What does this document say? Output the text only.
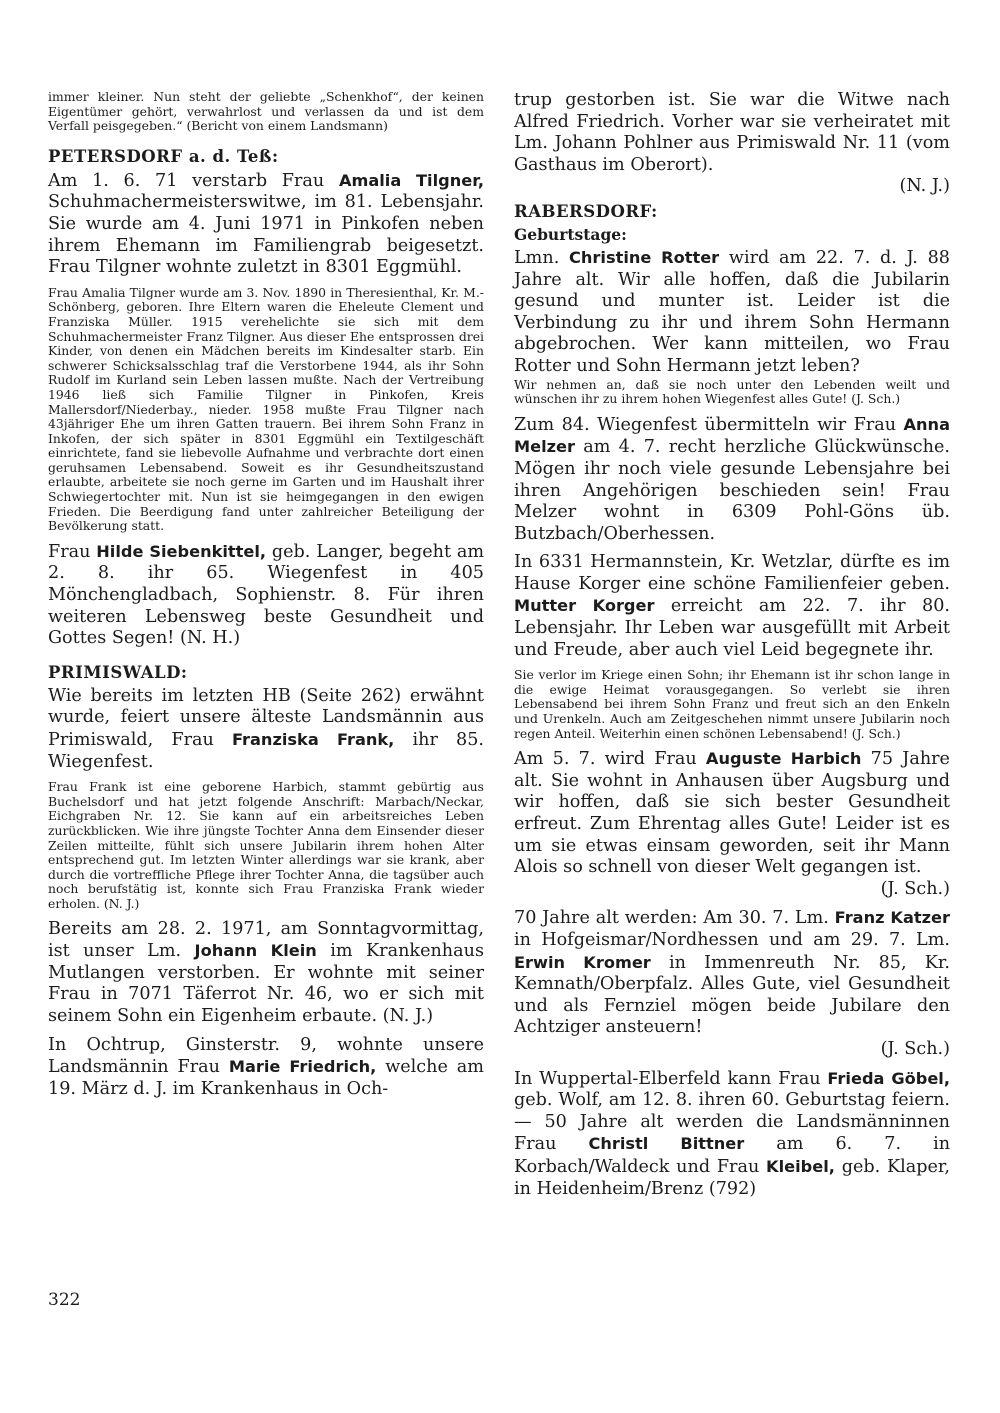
immer kleiner. Nun steht der geliebte „Schenkhof“, der keinen Eigentümer gehört, verwahrlost und verlassen da und ist dem Verfall peisgegeben.“ (Bericht von einem Landsmann)

PETERSDORF a. d. Teß:

Am 1. 6. 71 verstarb Frau Amalia Tilgner, Schuhmachermeisterswitwe, im 81. Lebensjahr. Sie wurde am 4. Juni 1971 in Pinkofen neben ihrem Ehemann im Familiengrab beigesetzt. Frau Tilgner wohnte zuletzt in 8301 Eggmühl.

Frau Amalia Tilgner wurde am 3. Nov. 1890 in Theresienthal, Kr. M.-Schönberg, geboren. Ihre Eltern waren die Eheleute Clement und Franziska Müller. 1915 verehelichte sie sich mit dem Schuhmachermeister Franz Tilgner. Aus dieser Ehe entsprossen drei Kinder, von denen ein Mädchen bereits im Kindesalter starb. Ein schwerer Schicksalsschlag traf die Verstorbene 1944, als ihr Sohn Rudolf im Kurland sein Leben lassen mußte. Nach der Vertreibung 1946 ließ sich Familie Tilgner in Pinkofen, Kreis Mallersdorf/Niederbay., nieder. 1958 mußte Frau Tilgner nach 43jähriger Ehe um ihren Gatten trauern. Bei ihrem Sohn Franz in Inkofen, der sich später in 8301 Eggmühl ein Textilgeschäft einrichtete, fand sie liebevolle Aufnahme und verbrachte dort einen geruhsamen Lebensabend. Soweit es ihr Gesundheitszustand erlaubte, arbeitete sie noch gerne im Garten und im Haushalt ihrer Schwiegertochter mit. Nun ist sie heimgegangen in den ewigen Frieden. Die Beerdigung fand unter zahlreicher Beteiligung der Bevölkerung statt.

Frau Hilde Siebenkittel, geb. Langer, begeht am 2. 8. ihr 65. Wiegenfest in 405 Mönchengladbach, Sophienstr. 8. Für ihren weiteren Lebensweg beste Gesundheit und Gottes Segen! (N. H.)

PRIMISWALD:

Wie bereits im letzten HB (Seite 262) erwähnt wurde, feiert unsere älteste Landsmännin aus Primiswald, Frau Franziska Frank, ihr 85. Wiegenfest.

Frau Frank ist eine geborene Harbich, stammt gebürtig aus Buchelsdorf und hat jetzt folgende Anschrift: Marbach/Neckar, Eichgraben Nr. 12. Sie kann auf ein arbeitsreiches Leben zurückblicken. Wie ihre jüngste Tochter Anna dem Einsender dieser Zeilen mitteilte, fühlt sich unsere Jubilarin ihrem hohen Alter entsprechend gut. Im letzten Winter allerdings war sie krank, aber durch die vortreffliche Pflege ihrer Tochter Anna, die tagsüber auch noch berufstätig ist, konnte sich Frau Franziska Frank wieder erholen. (N. J.)

Bereits am 28. 2. 1971, am Sonntagvormittag, ist unser Lm. Johann Klein im Krankenhaus Mutlangen verstorben. Er wohnte mit seiner Frau in 7071 Täferrot Nr. 46, wo er sich mit seinem Sohn ein Eigenheim erbaute. (N. J.)

In Ochtrup, Ginsterstr. 9, wohnte unsere Landsmännin Frau Marie Friedrich, welche am 19. März d. J. im Krankenhaus in Och-

trup gestorben ist. Sie war die Witwe nach Alfred Friedrich. Vorher war sie verheiratet mit Lm. Johann Pohlner aus Primiswald Nr. 11 (vom Gasthaus im Oberort).

(N. J.)

RABERSDORF:
Geburtstage:

Lmn. Christine Rotter wird am 22. 7. d. J. 88 Jahre alt. Wir alle hoffen, daß die Jubilarin gesund und munter ist. Leider ist die Verbindung zu ihr und ihrem Sohn Hermann abgebrochen. Wer kann mitteilen, wo Frau Rotter und Sohn Hermann jetzt leben?

Wir nehmen an, daß sie noch unter den Lebenden weilt und wünschen ihr zu ihrem hohen Wiegenfest alles Gute! (J. Sch.)

Zum 84. Wiegenfest übermitteln wir Frau Anna Melzer am 4. 7. recht herzliche Glückwünsche. Mögen ihr noch viele gesunde Lebensjahre bei ihren Angehörigen beschieden sein! Frau Melzer wohnt in 6309 Pohl-Göns üb. Butzbach/Oberhessen.

In 6331 Hermannstein, Kr. Wetzlar, dürfte es im Hause Korger eine schöne Familienfeier geben. Mutter Korger erreicht am 22. 7. ihr 80. Lebensjahr. Ihr Leben war ausgefüllt mit Arbeit und Freude, aber auch viel Leid begegnete ihr.

Sie verlor im Kriege einen Sohn; ihr Ehemann ist ihr schon lange in die ewige Heimat vorausgegangen. So verlebt sie ihren Lebensabend bei ihrem Sohn Franz und freut sich an den Enkeln und Urenkeln. Auch am Zeitgeschehen nimmt unsere Jubilarin noch regen Anteil. Weiterhin einen schönen Lebensabend! (J. Sch.)

Am 5. 7. wird Frau Auguste Harbich 75 Jahre alt. Sie wohnt in Anhausen über Augsburg und wir hoffen, daß sie sich bester Gesundheit erfreut. Zum Ehrentag alles Gute! Leider ist es um sie etwas einsam geworden, seit ihr Mann Alois so schnell von dieser Welt gegangen ist.

(J. Sch.)

70 Jahre alt werden: Am 30. 7. Lm. Franz Katzer in Hofgeismar/Nordhessen und am 29. 7. Lm. Erwin Kromer in Immenreuth Nr. 85, Kr. Kemnath/Oberpfalz. Alles Gute, viel Gesundheit und als Fernziel mögen beide Jubilare den Achtziger ansteuern!

(J. Sch.)

In Wuppertal-Elberfeld kann Frau Frieda Göbel, geb. Wolf, am 12. 8. ihren 60. Geburtstag feiern. — 50 Jahre alt werden die Landsmänninnen Frau Christl Bittner am 6. 7. in Korbach/Waldeck und Frau Kleibel, geb. Klaper, in Heidenheim/Brenz (792)

322
